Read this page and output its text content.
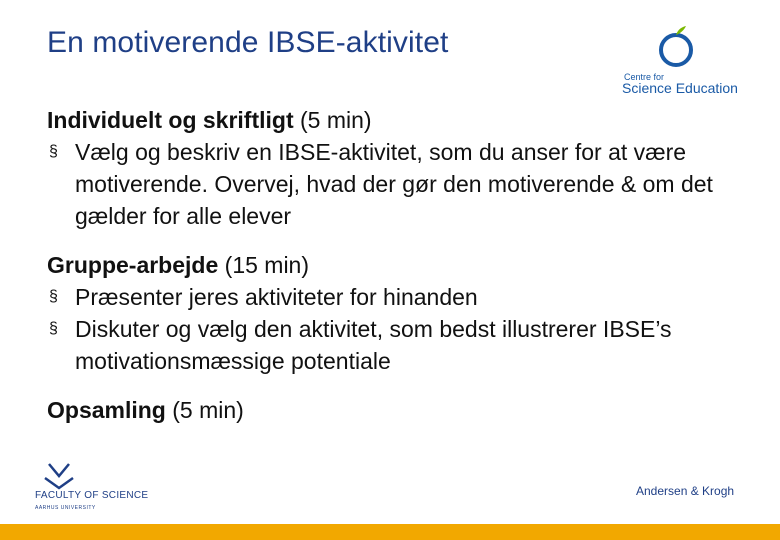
En motiverende IBSE-aktivitet
Centre for
Science Education
Individuelt og skriftligt (5 min)
§ Vælg og beskriv en IBSE-aktivitet, som du anser for at være motiverende. Overvej, hvad der gør den motiverende & om det gælder for alle elever
Gruppe-arbejde (15 min)
§ Præsenter jeres aktiviteter for hinanden
§ Diskuter og vælg den aktivitet, som bedst illustrerer IBSE’s motivationsmæssige potentiale
Opsamling (5 min)
FACULTY OF SCIENCE
AARHUS UNIVERSITY
Andersen & Krogh
